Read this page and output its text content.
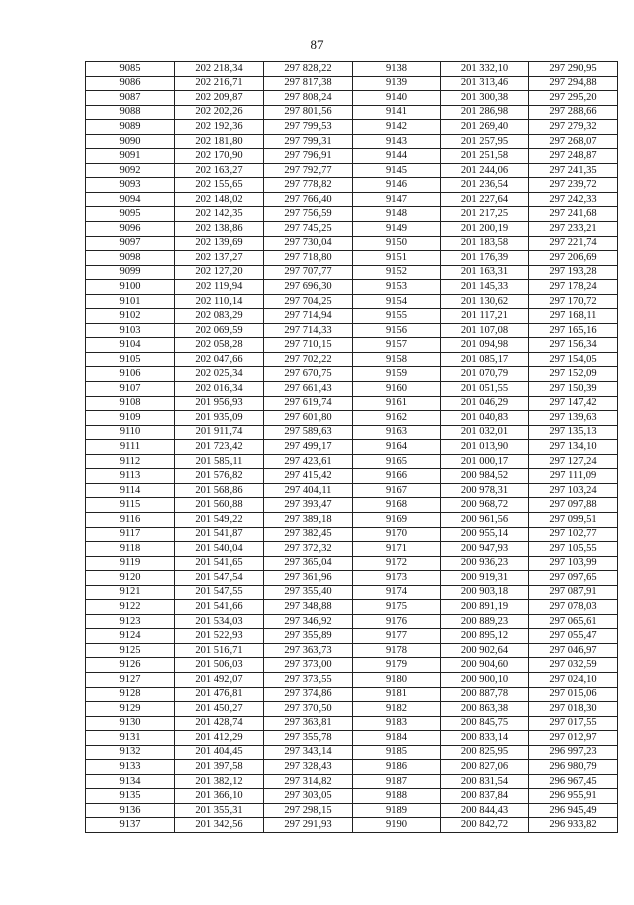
87
9085	202 218,34	297 828,22	9138	201 332,10	297 290,95
9086	202 216,71	297 817,38	9139	201 313,46	297 294,88
9087	202 209,87	297 808,24	9140	201 300,38	297 295,20
9088	202 202,26	297 801,56	9141	201 286,98	297 288,66
9089	202 192,36	297 799,53	9142	201 269,40	297 279,32
9090	202 181,80	297 799,31	9143	201 257,95	297 268,07
9091	202 170,90	297 796,91	9144	201 251,58	297 248,87
9092	202 163,27	297 792,77	9145	201 244,06	297 241,35
9093	202 155,65	297 778,82	9146	201 236,54	297 239,72
9094	202 148,02	297 766,40	9147	201 227,64	297 242,33
9095	202 142,35	297 756,59	9148	201 217,25	297 241,68
9096	202 138,86	297 745,25	9149	201 200,19	297 233,21
9097	202 139,69	297 730,04	9150	201 183,58	297 221,74
9098	202 137,27	297 718,80	9151	201 176,39	297 206,69
9099	202 127,20	297 707,77	9152	201 163,31	297 193,28
9100	202 119,94	297 696,30	9153	201 145,33	297 178,24
9101	202 110,14	297 704,25	9154	201 130,62	297 170,72
9102	202 083,29	297 714,94	9155	201 117,21	297 168,11
9103	202 069,59	297 714,33	9156	201 107,08	297 165,16
9104	202 058,28	297 710,15	9157	201 094,98	297 156,34
9105	202 047,66	297 702,22	9158	201 085,17	297 154,05
9106	202 025,34	297 670,75	9159	201 070,79	297 152,09
9107	202 016,34	297 661,43	9160	201 051,55	297 150,39
9108	201 956,93	297 619,74	9161	201 046,29	297 147,42
9109	201 935,09	297 601,80	9162	201 040,83	297 139,63
9110	201 911,74	297 589,63	9163	201 032,01	297 135,13
9111	201 723,42	297 499,17	9164	201 013,90	297 134,10
9112	201 585,11	297 423,61	9165	201 000,17	297 127,24
9113	201 576,82	297 415,42	9166	200 984,52	297 111,09
9114	201 568,86	297 404,11	9167	200 978,31	297 103,24
9115	201 560,88	297 393,47	9168	200 968,72	297 097,88
9116	201 549,22	297 389,18	9169	200 961,56	297 099,51
9117	201 541,87	297 382,45	9170	200 955,14	297 102,77
9118	201 540,04	297 372,32	9171	200 947,93	297 105,55
9119	201 541,65	297 365,04	9172	200 936,23	297 103,99
9120	201 547,54	297 361,96	9173	200 919,31	297 097,65
9121	201 547,55	297 355,40	9174	200 903,18	297 087,91
9122	201 541,66	297 348,88	9175	200 891,19	297 078,03
9123	201 534,03	297 346,92	9176	200 889,23	297 065,61
9124	201 522,93	297 355,89	9177	200 895,12	297 055,47
9125	201 516,71	297 363,73	9178	200 902,64	297 046,97
9126	201 506,03	297 373,00	9179	200 904,60	297 032,59
9127	201 492,07	297 373,55	9180	200 900,10	297 024,10
9128	201 476,81	297 374,86	9181	200 887,78	297 015,06
9129	201 450,27	297 370,50	9182	200 863,38	297 018,30
9130	201 428,74	297 363,81	9183	200 845,75	297 017,55
9131	201 412,29	297 355,78	9184	200 833,14	297 012,97
9132	201 404,45	297 343,14	9185	200 825,95	296 997,23
9133	201 397,58	297 328,43	9186	200 827,06	296 980,79
9134	201 382,12	297 314,82	9187	200 831,54	296 967,45
9135	201 366,10	297 303,05	9188	200 837,84	296 955,91
9136	201 355,31	297 298,15	9189	200 844,43	296 945,49
9137	201 342,56	297 291,93	9190	200 842,72	296 933,82
